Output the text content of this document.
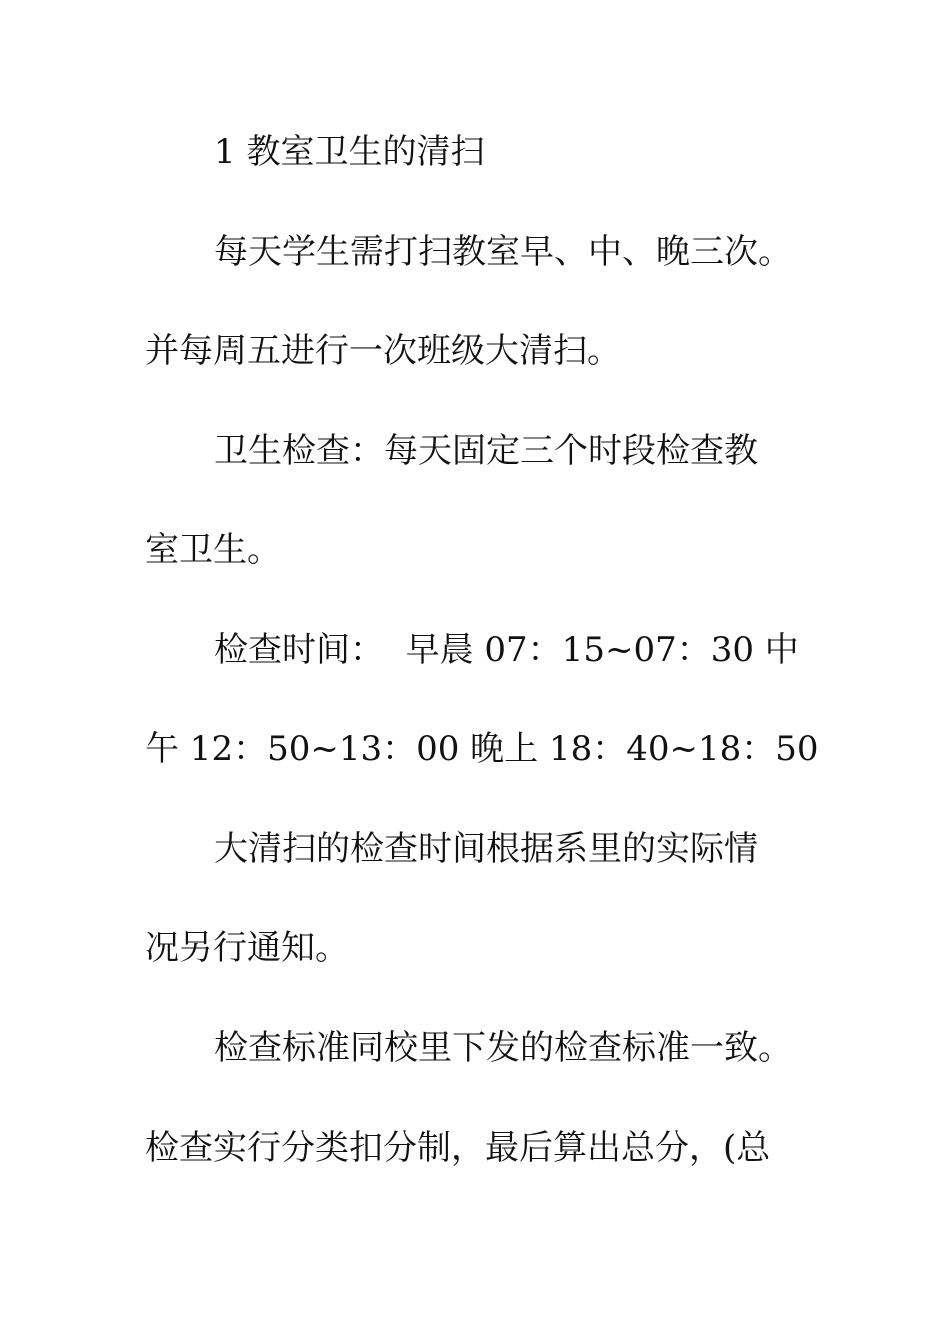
1 教室卫生的清扫
每天学生需打扫教室早、中、晚三次。
并每周五进行一次班级大清扫。
卫生检查：每天固定三个时段检查教
室卫生。
检查时间：  早晨 07：15~07：30 中
午 12：50~13：00 晚上 18：40~18：50
大清扫的检查时间根据系里的实际情
况另行通知。
检查标准同校里下发的检查标准一致。
检查实行分类扣分制，最后算出总分，(总
